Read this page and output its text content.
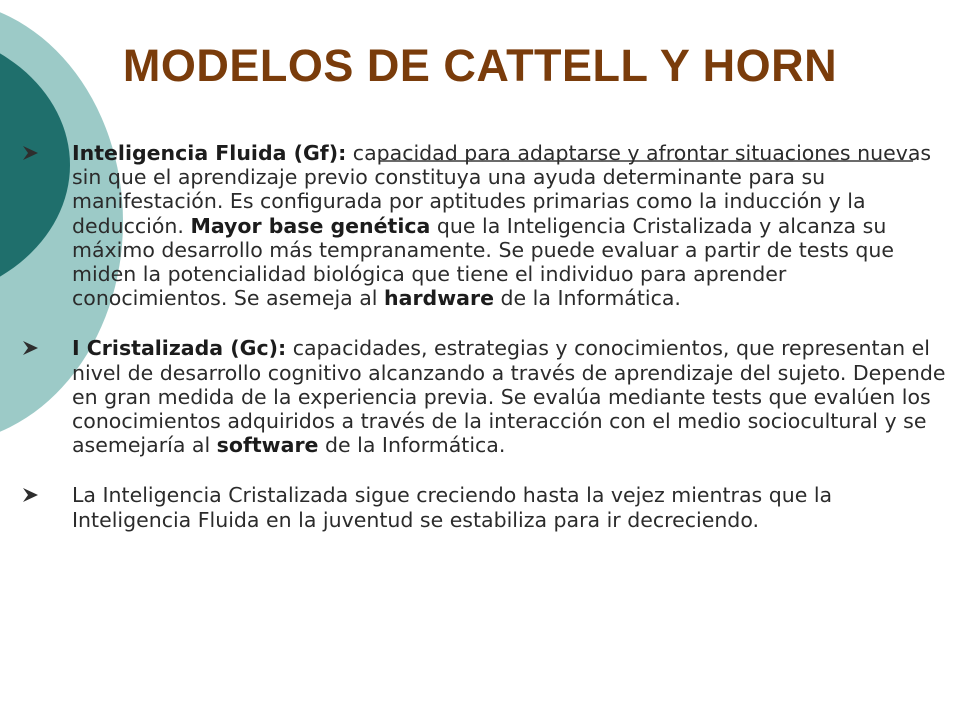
MODELOS DE CATTELL Y HORN
Inteligencia Fluida (Gf): capacidad para adaptarse y afrontar situaciones nuevas sin que el aprendizaje previo constituya una ayuda determinante para su manifestación. Es configurada por aptitudes primarias como la inducción y la deducción. Mayor base genética que la Inteligencia Cristalizada y alcanza su máximo desarrollo más tempranamente. Se puede evaluar a partir de tests que miden la potencialidad biológica que tiene el individuo para aprender conocimientos. Se asemeja al hardware de la Informática.
I Cristalizada (Gc): capacidades, estrategias y conocimientos, que representan el nivel de desarrollo cognitivo alcanzando a través de aprendizaje del sujeto. Depende en gran medida de la experiencia previa. Se evalúa mediante tests que evalúen los conocimientos adquiridos a través de la interacción con el medio sociocultural y se asemejaría al software de la Informática.
La Inteligencia Cristalizada sigue creciendo hasta la vejez mientras que la Inteligencia Fluida en la juventud se estabiliza para ir decreciendo.
